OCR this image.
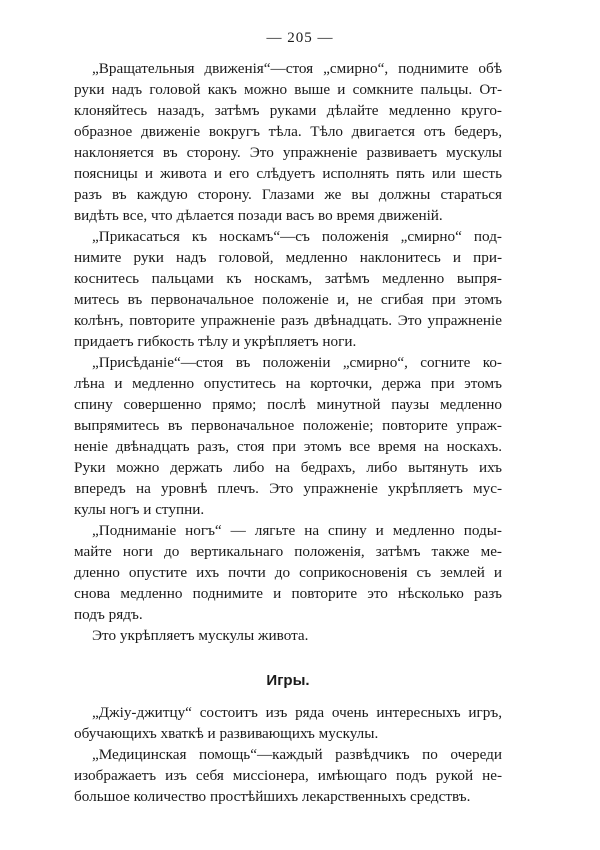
— 205 —
„Вращательныя движенія“—стоя „смирно“, поднимите обѣ
руки надъ головой какъ можно выше и сомкните пальцы. От-
клоняйтесь назадъ, затѣмъ руками дѣлайте медленно круго-
образное движеніе вокругъ тѣла. Тѣло двигается отъ бедеръ,
наклоняется въ сторону. Это упражненіе развиваетъ мускулы
поясницы и живота и его слѣдуетъ исполнять пять или шесть
разъ въ каждую сторону. Глазами же вы должны стараться
видѣть все, что дѣлается позади васъ во время движеній.
„Прикасаться къ носкамъ“—съ положенія „смирно“ под-
нимите руки надъ головой, медленно наклонитесь и при-
коснитесь пальцами къ носкамъ, затѣмъ медленно выпря-
митесь въ первоначальное положеніе и, не сгибая при этомъ
колѣнъ, повторите упражненіе разъ двѣнадцать. Это упражненіе
придаетъ гибкость тѣлу и укрѣпляетъ ноги.
„Присѣданіе“—стоя въ положеніи „смирно“, согните ко-
лѣна и медленно опуститесь на корточки, держа при этомъ
спину совершенно прямо; послѣ минутной паузы медленно
выпрямитесь въ первоначальное положеніе; повторите упраж-
неніе двѣнадцать разъ, стоя при этомъ все время на носкахъ.
Руки можно держать либо на бедрахъ, либо вытянуть ихъ
впередъ на уровнѣ плечъ. Это упражненіе укрѣпляетъ мус-
кулы ногъ и ступни.
„Подниманіе ногъ“ — лягьте на спину и медленно поды-
майте ноги до вертикальнаго положенія, затѣмъ также ме-
дленно опустите ихъ почти до соприкосновенія съ землей и
снова медленно поднимите и повторите это нѣсколько разъ
подъ рядъ.
Это укрѣпляетъ мускулы живота.
Игры.
„Джіу-джитцу“ состоитъ изъ ряда очень интересныхъ игръ,
обучающихъ хваткѣ и развивающихъ мускулы.
„Медицинская помощь“—каждый развѣдчикъ по очереди
изображаетъ изъ себя миссіонера, имѣющаго подъ рукой не-
большое количество простѣйшихъ лекарственныхъ средствъ.
